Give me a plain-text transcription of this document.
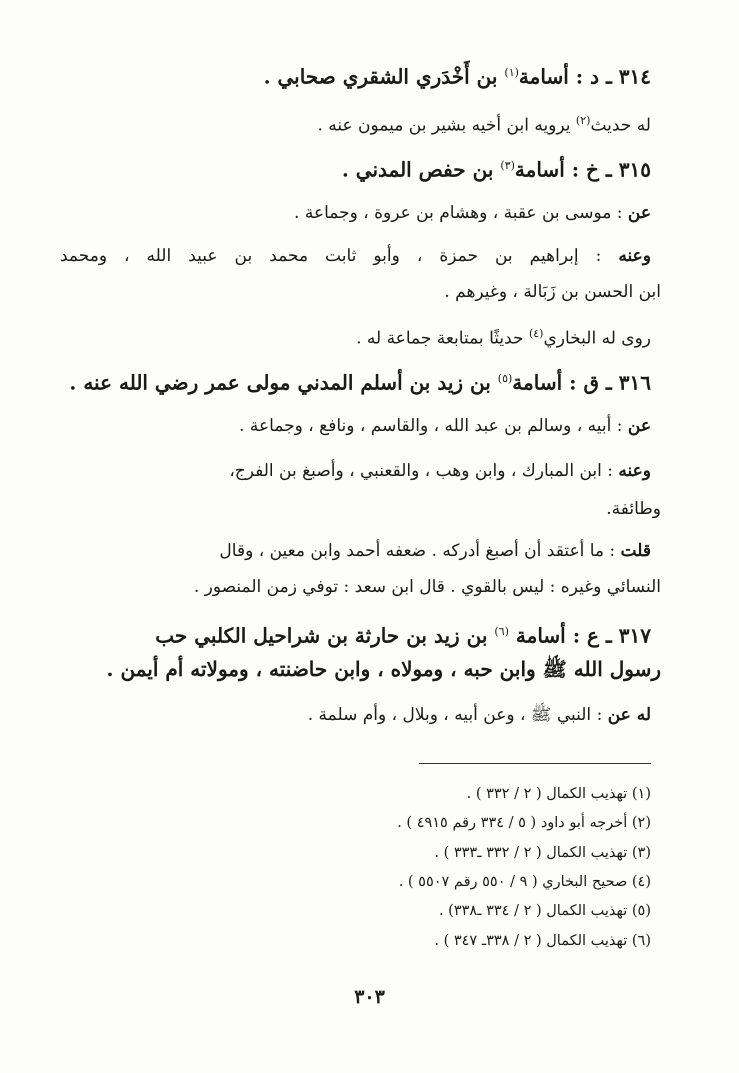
٣١٤ ـ د : أسامة$^{(١)}$ بن أَخْدَري الشقري صحابي .
له حديث$^{(٢)}$ يرويه ابن أخيه بشير بن ميمون عنه .
٣١٥ ـ خ : أسامة$^{(٣)}$ بن حفص المدني .
عن : موسى بن عقبة ، وهشام بن عروة ، وجماعة .
وعنه : إبراهيم بن حمزة ، وأبو ثابت محمد بن عبيد الله ، ومحمد
ابن الحسن بن زَبَالة ، وغيرهم .
روى له البخاري$^{(٤)}$ حديثًا بمتابعة جماعة له .
٣١٦ ـ ق : أسامة$^{(٥)}$ بن زيد بن أسلم المدني مولى عمر رضي الله عنه .
عن : أبيه ، وسالم بن عبد الله ، والقاسم ، ونافع ، وجماعة .
وعنه : ابن المبارك ، وابن وهب ، والقعنبي ، وأصبغ بن الفرج،
وطائفة.
قلت : ما أعتقد أن أصبغ أدركه . ضعفه أحمد وابن معين ، وقال
النسائي وغيره : ليس بالقوي . قال ابن سعد : توفي زمن المنصور .
٣١٧ ـ ع : أسامة $^{(٦)}$ بن زيد بن حارثة بن شراحيل الكلبي حب
رسول الله ﷺ وابن حبه ، ومولاه ، وابن حاضنته ، ومولاته أم أيمن .
له عن : النبي ﷺ ، وعن أبيه ، وبلال ، وأم سلمة .
(١) تهذيب الكمال ( ٢ / ٣٣٢ ) .
(٢) أخرجه أبو داود ( ٥ / ٣٣٤ رقم ٤٩١٥ ) .
(٣) تهذيب الكمال ( ٢ / ٣٣٢ ـ٣٣٣ ) .
(٤) صحيح البخاري ( ٩ / ٥٥٠ رقم ٥٥٠٧ ) .
(٥) تهذيب الكمال ( ٢ / ٣٣٤ ـ٣٣٨) .
(٦) تهذيب الكمال ( ٢ / ٣٣٨ـ ٣٤٧ ) .
٣٠٣
